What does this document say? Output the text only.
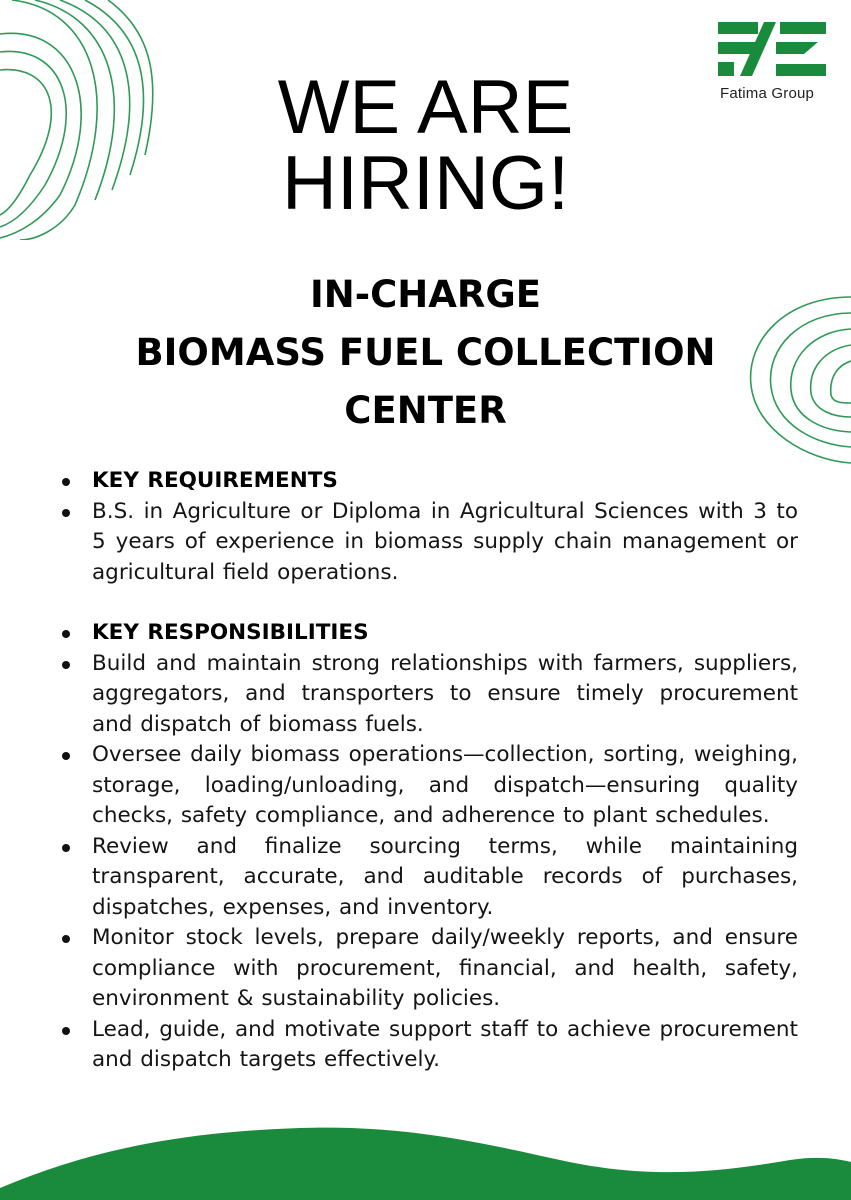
Fatima Group
WE ARE
HIRING!
IN-CHARGE
BIOMASS FUEL COLLECTION
CENTER
KEY REQUIREMENTS
B.S. in Agriculture or Diploma in Agricultural Sciences with 3 to 5 years of experience in biomass supply chain management or agricultural field operations.
KEY RESPONSIBILITIES
Build and maintain strong relationships with farmers, suppliers, aggregators, and transporters to ensure timely procurement and dispatch of biomass fuels.
Oversee daily biomass operations—collection, sorting, weighing, storage, loading/unloading, and dispatch—ensuring quality checks, safety compliance, and adherence to plant schedules.
Review and finalize sourcing terms, while maintaining transparent, accurate, and auditable records of purchases, dispatches, expenses, and inventory.
Monitor stock levels, prepare daily/weekly reports, and ensure compliance with procurement, financial, and health, safety, environment & sustainability policies.
Lead, guide, and motivate support staff to achieve procurement and dispatch targets effectively.
